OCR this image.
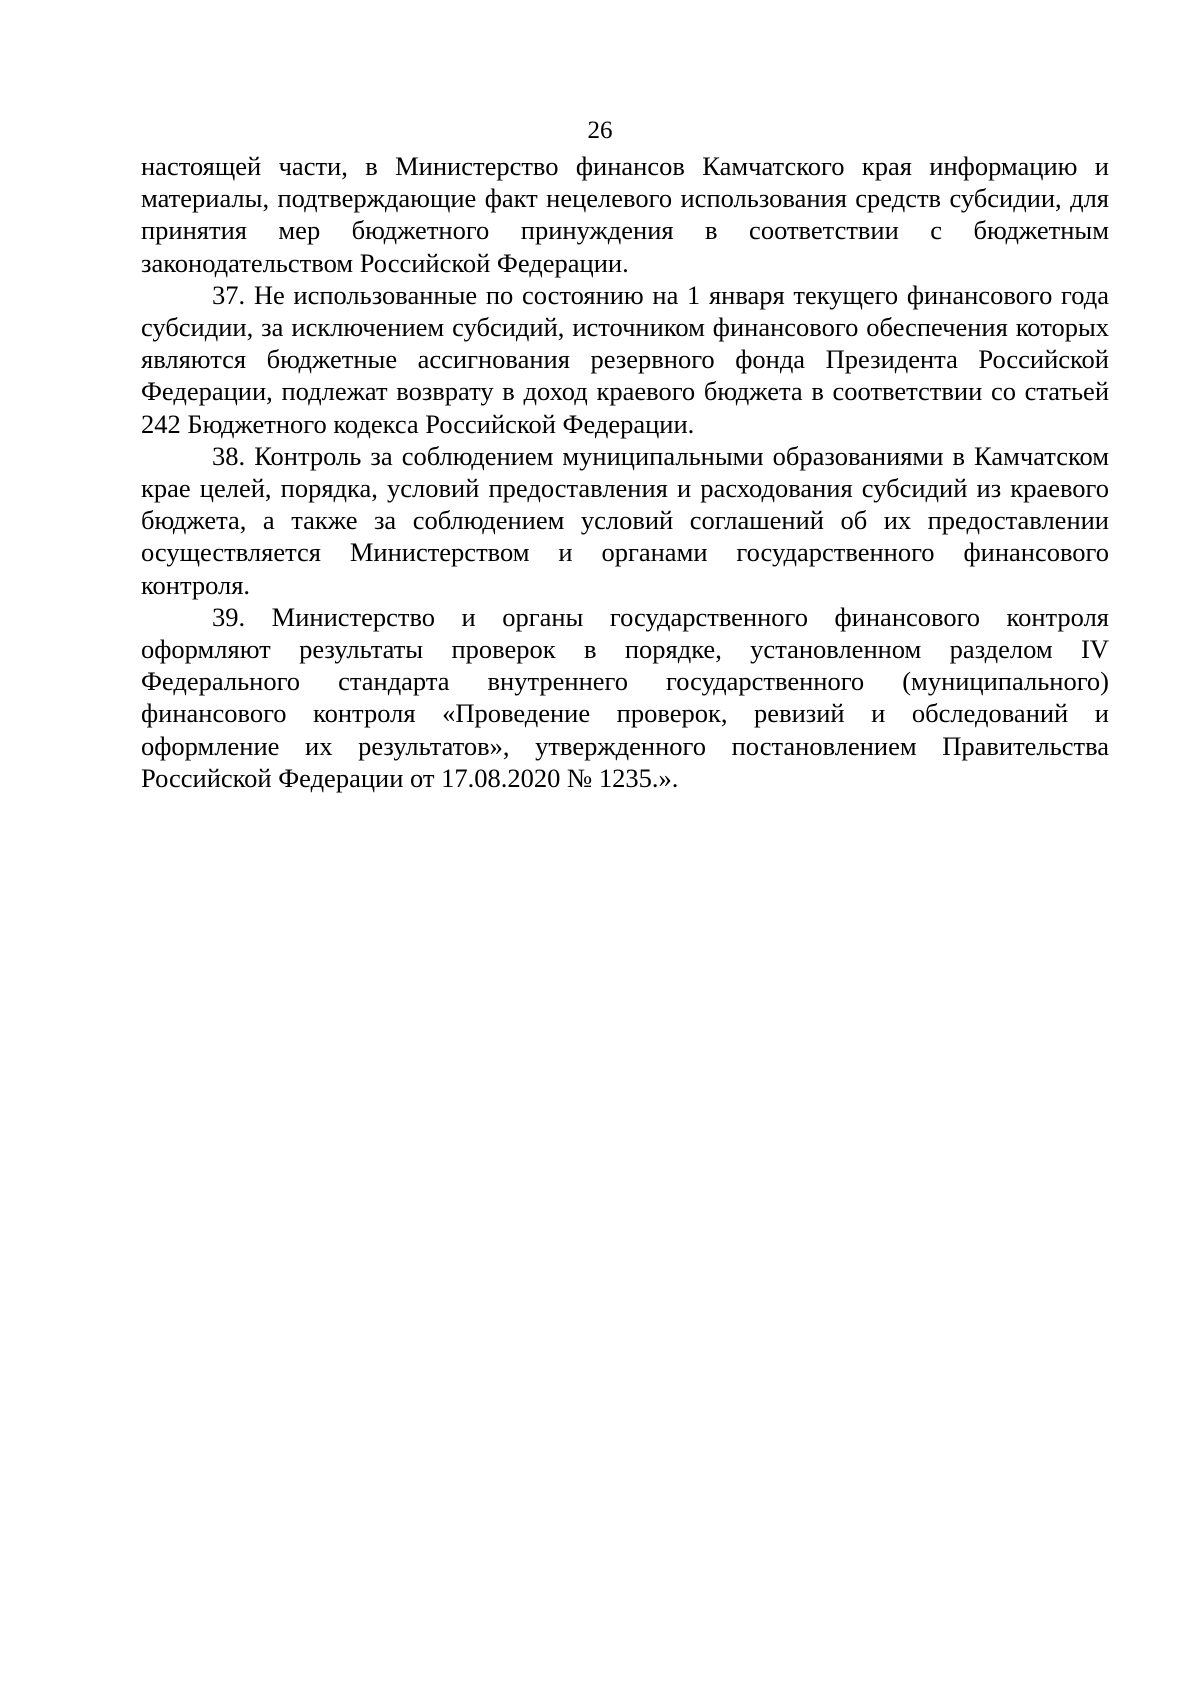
26

настоящей части, в Министерство финансов Камчатского края информацию и материалы, подтверждающие факт нецелевого использования средств субсидии, для принятия мер бюджетного принуждения в соответствии с бюджетным законодательством Российской Федерации.

37. Не использованные по состоянию на 1 января текущего финансового года субсидии, за исключением субсидий, источником финансового обеспечения которых являются бюджетные ассигнования резервного фонда Президента Российской Федерации, подлежат возврату в доход краевого бюджета в соответствии со статьей 242 Бюджетного кодекса Российской Федерации.

38. Контроль за соблюдением муниципальными образованиями в Камчатском крае целей, порядка, условий предоставления и расходования субсидий из краевого бюджета, а также за соблюдением условий соглашений об их предоставлении осуществляется Министерством и органами государственного финансового контроля.

39. Министерство и органы государственного финансового контроля оформляют результаты проверок в порядке, установленном разделом IV Федерального стандарта внутреннего государственного (муниципального) финансового контроля «Проведение проверок, ревизий и обследований и оформление их результатов», утвержденного постановлением Правительства Российской Федерации от 17.08.2020 № 1235.».
